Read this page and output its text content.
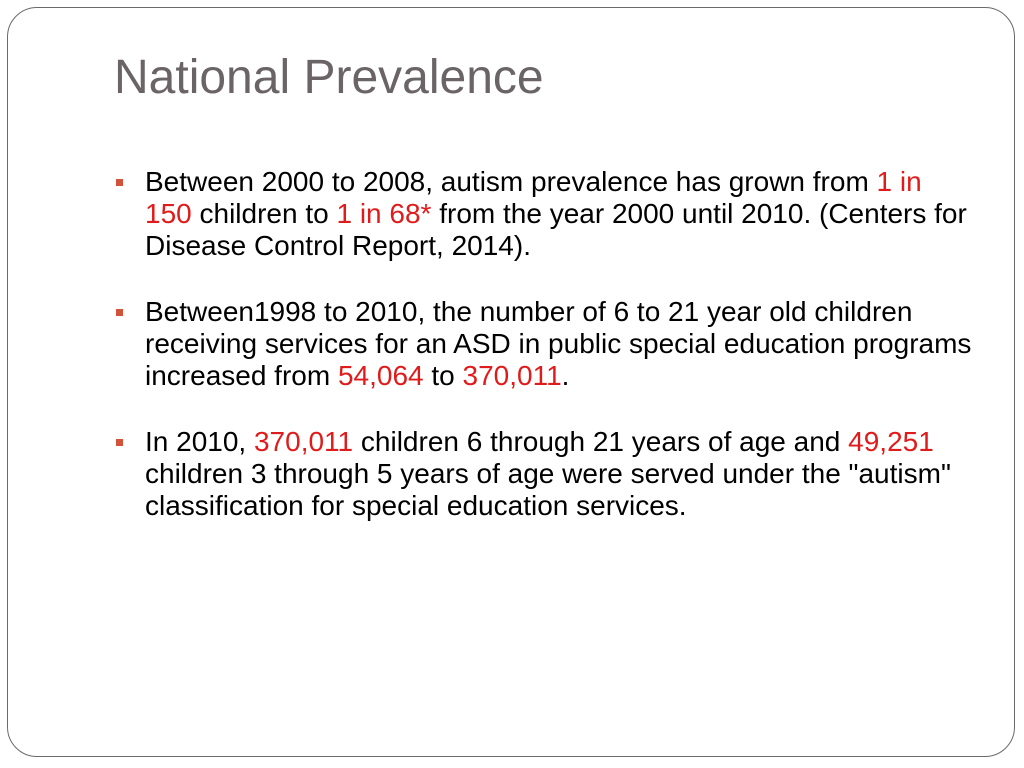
National Prevalence
Between 2000 to 2008, autism prevalence has grown from 1 in 150 children to 1 in 68* from the year 2000 until 2010. (Centers for Disease Control Report, 2014).
Between1998 to 2010, the number of 6 to 21 year old children receiving services for an ASD in public special education programs increased from 54,064 to 370,011.
In 2010, 370,011 children 6 through 21 years of age and 49,251 children 3 through 5 years of age were served under the "autism" classification for special education services.
